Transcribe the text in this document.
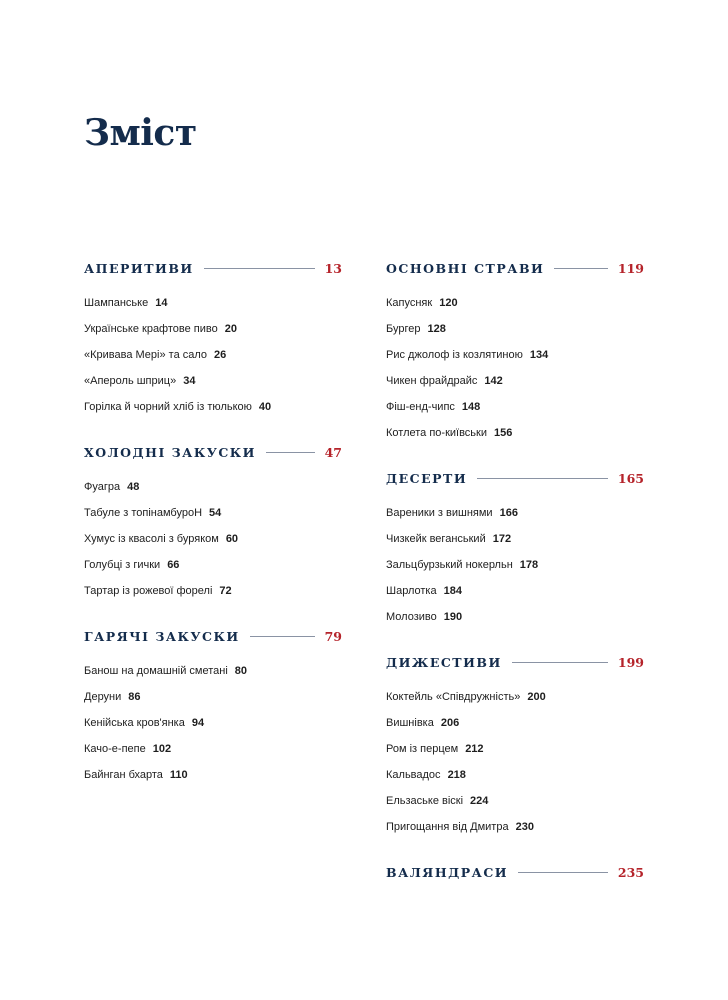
Зміст
АПЕРИТИВИ	13
Шампанське 14
Українське крафтове пиво 20
«Кривава Мері» та сало 26
«Апероль шприц» 34
Горілка й чорний хліб із тюлькою 40
ХОЛОДНІ ЗАКУСКИ	47
Фуагра 48
Табуле з топінамбуроН 54
Хумус із квасолі з буряком 60
Голубці з гички 66
Тартар із рожевої форелі 72
ГАРЯЧІ ЗАКУСКИ	79
Банош на домашній сметані 80
Деруни 86
Кенійська кров'янка 94
Качо-е-пепе 102
Байнган бхарта 110
ОСНОВНІ СТРАВИ	119
Капусняк 120
Бургер 128
Рис джолоф із козлятиною 134
Чикен фрайдрайс 142
Фіш-енд-чипс 148
Котлета по-київськи 156
ДЕСЕРТИ	165
Вареники з вишнями 166
Чизкейк веганський 172
Зальцбурзький нокерльн 178
Шарлотка 184
Молозиво 190
ДИЖЕСТИВИ	199
Коктейль «Співдружність» 200
Вишнівка 206
Ром із перцем 212
Кальвадос 218
Ельзаське віскі 224
Пригощання від Дмитра 230
ВАЛЯНДРАСИ	235
